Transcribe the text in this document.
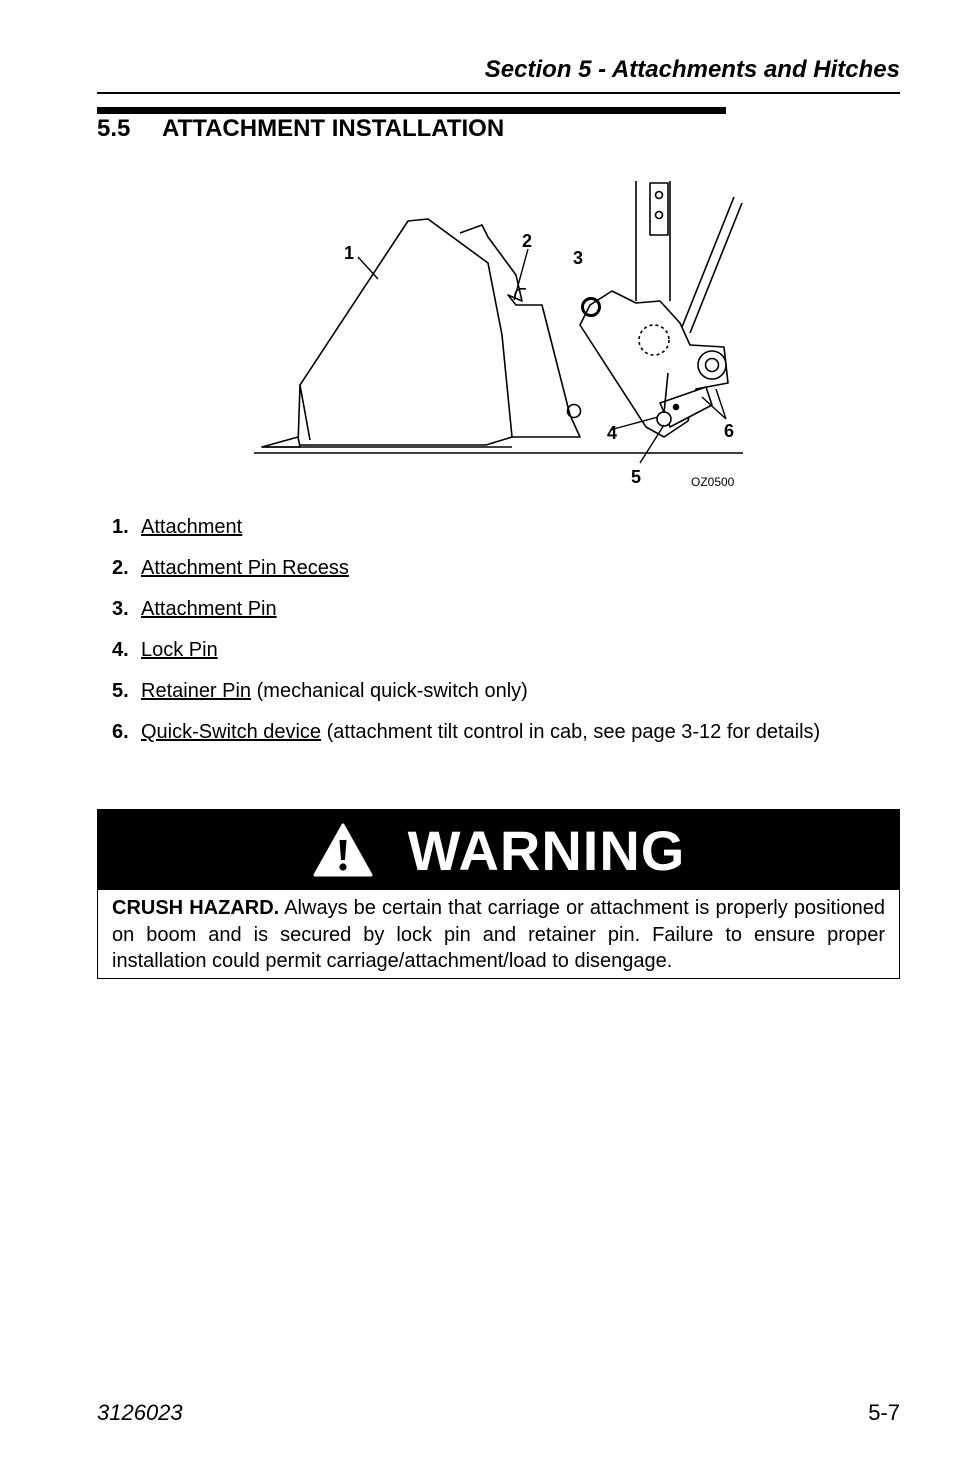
Section 5 - Attachments and Hitches
5.5 ATTACHMENT INSTALLATION
1
2
3
4
5
6
OZ0500
1. Attachment
2. Attachment Pin Recess
3. Attachment Pin
4. Lock Pin
5. Retainer Pin (mechanical quick-switch only)
6. Quick-Switch device (attachment tilt control in cab, see page 3-12 for details)
WARNING
CRUSH HAZARD. Always be certain that carriage or attachment is properly positioned on boom and is secured by lock pin and retainer pin. Failure to ensure proper installation could permit carriage/attachment/load to disengage.
3126023	5-7
